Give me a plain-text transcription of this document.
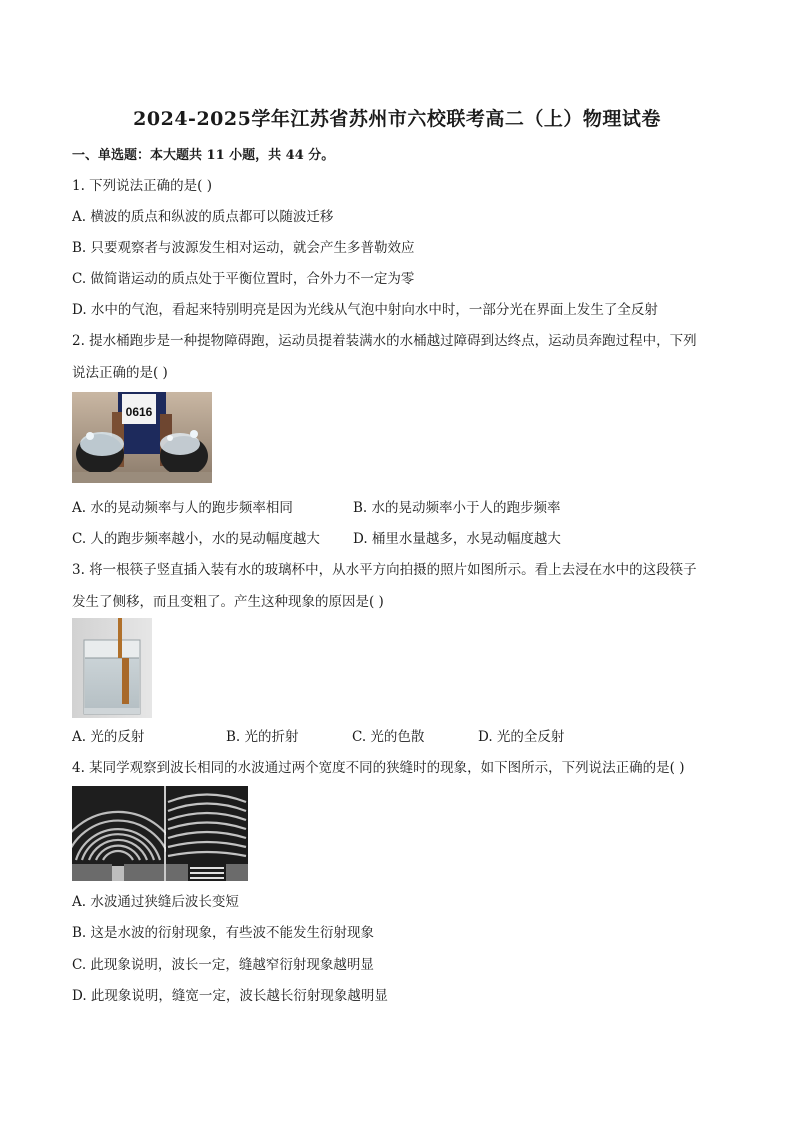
2024-2025学年江苏省苏州市六校联考高二（上）物理试卷
一、单选题：本大题共 11 小题，共 44 分。
1. 下列说法正确的是( )
A. 横波的质点和纵波的质点都可以随波迁移
B. 只要观察者与波源发生相对运动，就会产生多普勒效应
C. 做简谐运动的质点处于平衡位置时，合外力不一定为零
D. 水中的气泡，看起来特别明亮是因为光线从气泡中射向水中时，一部分光在界面上发生了全反射
2. 提水桶跑步是一种提物障碍跑，运动员提着装满水的水桶越过障碍到达终点，运动员奔跑过程中，下列
说法正确的是( )
0616
A. 水的晃动频率与人的跑步频率相同	B. 水的晃动频率小于人的跑步频率
C. 人的跑步频率越小，水的晃动幅度越大 D. 桶里水量越多，水晃动幅度越大
3. 将一根筷子竖直插入装有水的玻璃杯中，从水平方向拍摄的照片如图所示。看上去浸在水中的这段筷子
发生了侧移，而且变粗了。产生这种现象的原因是( )
A. 光的反射	B. 光的折射	C. 光的色散	D. 光的全反射
4. 某同学观察到波长相同的水波通过两个宽度不同的狭缝时的现象，如下图所示，下列说法正确的是( )
A. 水波通过狭缝后波长变短
B. 这是水波的衍射现象，有些波不能发生衍射现象
C. 此现象说明，波长一定，缝越窄衍射现象越明显
D. 此现象说明，缝宽一定，波长越长衍射现象越明显
